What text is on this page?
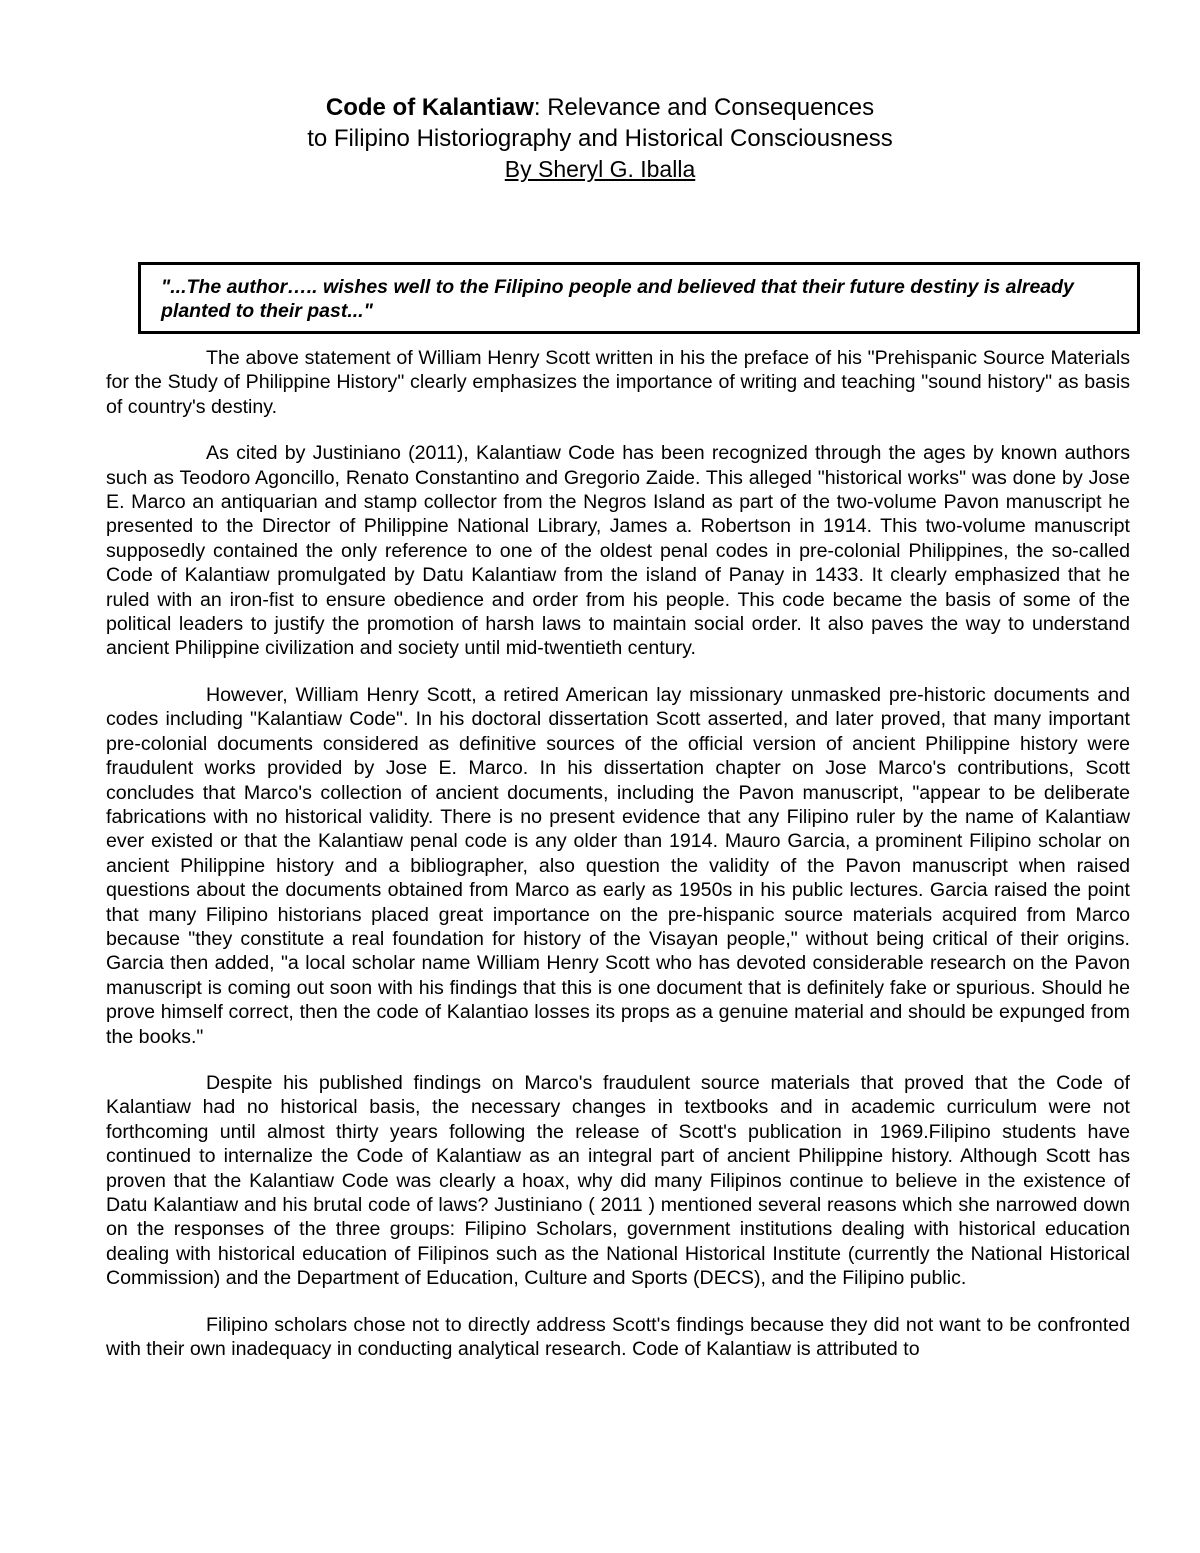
Code of Kalantiaw: Relevance and Consequences
to Filipino Historiography and Historical Consciousness
By Sheryl G. Iballa
"...The author….. wishes well to the Filipino people and believed that their future destiny is already planted to their past..."

The above statement of William Henry Scott written in his the preface of his "Prehispanic Source Materials for the Study of Philippine History" clearly emphasizes the importance of writing and teaching "sound history" as basis of country's destiny.

As cited by Justiniano (2011), Kalantiaw Code has been recognized through the ages by known authors such as Teodoro Agoncillo, Renato Constantino and Gregorio Zaide. This alleged "historical works" was done by Jose E. Marco an antiquarian and stamp collector from the Negros Island as part of the two-volume Pavon manuscript he presented to the Director of Philippine National Library, James a. Robertson in 1914. This two-volume manuscript supposedly contained the only reference to one of the oldest penal codes in pre-colonial Philippines, the so-called Code of Kalantiaw promulgated by Datu Kalantiaw from the island of Panay in 1433. It clearly emphasized that he ruled with an iron-fist to ensure obedience and order from his people. This code became the basis of some of the political leaders to justify the promotion of harsh laws to maintain social order. It also paves the way to understand ancient Philippine civilization and society until mid-twentieth century.

However, William Henry Scott, a retired American lay missionary unmasked pre-historic documents and codes including "Kalantiaw Code". In his doctoral dissertation Scott asserted, and later proved, that many important pre-colonial documents considered as definitive sources of the official version of ancient Philippine history were fraudulent works provided by Jose E. Marco. In his dissertation chapter on Jose Marco's contributions, Scott concludes that Marco's collection of ancient documents, including the Pavon manuscript, "appear to be deliberate fabrications with no historical validity. There is no present evidence that any Filipino ruler by the name of Kalantiaw ever existed or that the Kalantiaw penal code is any older than 1914. Mauro Garcia, a prominent Filipino scholar on ancient Philippine history and a bibliographer, also question the validity of the Pavon manuscript when raised questions about the documents obtained from Marco as early as 1950s in his public lectures. Garcia raised the point that many Filipino historians placed great importance on the pre-hispanic source materials acquired from Marco because "they constitute a real foundation for history of the Visayan people," without being critical of their origins. Garcia then added, "a local scholar name William Henry Scott who has devoted considerable research on the Pavon manuscript is coming out soon with his findings that this is one document that is definitely fake or spurious. Should he prove himself correct, then the code of Kalantiao losses its props as a genuine material and should be expunged from the books."

Despite his published findings on Marco's fraudulent source materials that proved that the Code of Kalantiaw had no historical basis, the necessary changes in textbooks and in academic curriculum were not forthcoming until almost thirty years following the release of Scott's publication in 1969.Filipino students have continued to internalize the Code of Kalantiaw as an integral part of ancient Philippine history. Although Scott has proven that the Kalantiaw Code was clearly a hoax, why did many Filipinos continue to believe in the existence of Datu Kalantiaw and his brutal code of laws? Justiniano ( 2011 ) mentioned several reasons which she narrowed down on the responses of the three groups: Filipino Scholars, government institutions dealing with historical education dealing with historical education of Filipinos such as the National Historical Institute (currently the National Historical Commission) and the Department of Education, Culture and Sports (DECS), and the Filipino public.

Filipino scholars chose not to directly address Scott's findings because they did not want to be confronted with their own inadequacy in conducting analytical research. Code of Kalantiaw is attributed to
